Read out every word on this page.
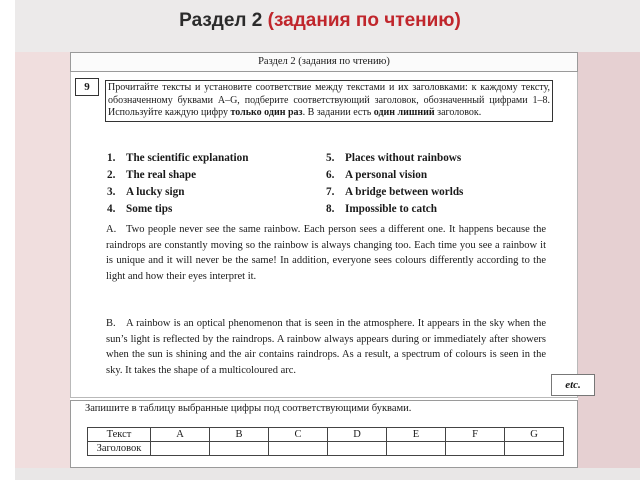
Раздел 2 (задания по чтению)
Раздел 2 (задания по чтению)
9	Прочитайте тексты и установите соответствие между текстами и их заголовками: к каждому тексту, обозначенному буквами A–G, подберите соответствующий заголовок, обозначенный цифрами 1–8. Используйте каждую цифру только один раз. В задании есть один лишний заголовок.
1. The scientific explanation
2. The real shape
3. A lucky sign
4. Some tips
5. Places without rainbows
6. A personal vision
7. A bridge between worlds
8. Impossible to catch
A. Two people never see the same rainbow. Each person sees a different one. It happens because the raindrops are constantly moving so the rainbow is always changing too. Each time you see a rainbow it is unique and it will never be the same! In addition, everyone sees colours differently according to the light and how their eyes interpret it.
B. A rainbow is an optical phenomenon that is seen in the atmosphere. It appears in the sky when the sun’s light is reflected by the raindrops. A rainbow always appears during or immediately after showers when the sun is shining and the air contains raindrops. As a result, a spectrum of colours is seen in the sky. It takes the shape of a multicoloured arc.
etc.
Запишите в таблицу выбранные цифры под соответствующими буквами.
Текст	A	B	C	D	E	F	G
Заголовок							
